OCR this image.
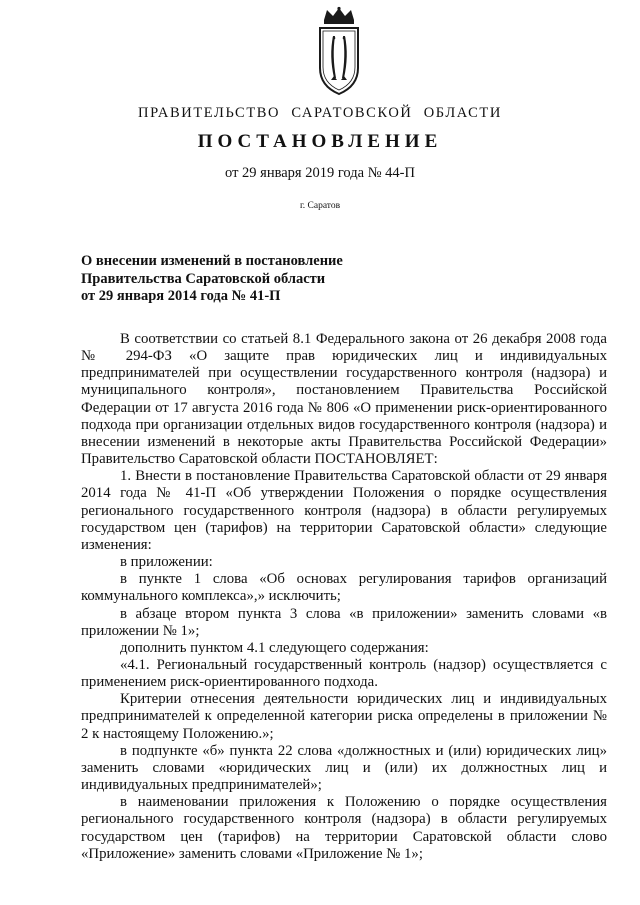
ПРАВИТЕЛЬСТВО САРАТОВСКОЙ ОБЛАСТИ
ПОСТАНОВЛЕНИЕ
от 29 января 2019 года № 44-П
г. Саратов
О внесении изменений в постановление
Правительства Саратовской области
от 29 января 2014 года № 41-П

В соответствии со статьей 8.1 Федерального закона от 26 декабря 2008 года № 294-ФЗ «О защите прав юридических лиц и индивидуальных предпринимателей при осуществлении государственного контроля (надзора) и муниципального контроля», постановлением Правительства Российской Федерации от 17 августа 2016 года № 806 «О применении риск-ориентированного подхода при организации отдельных видов государственного контроля (надзора) и внесении изменений в некоторые акты Правительства Российской Федерации» Правительство Саратовской области ПОСТАНОВЛЯЕТ:

1. Внести в постановление Правительства Саратовской области от 29 января 2014 года № 41-П «Об утверждении Положения о порядке осуществления регионального государственного контроля (надзора) в области регулируемых государством цен (тарифов) на территории Саратовской области» следующие изменения:

в приложении:

в пункте 1 слова «Об основах регулирования тарифов организаций коммунального комплекса»,» исключить;

в абзаце втором пункта 3 слова «в приложении» заменить словами «в приложении № 1»;

дополнить пунктом 4.1 следующего содержания:

«4.1. Региональный государственный контроль (надзор) осуществляется с применением риск-ориентированного подхода.

Критерии отнесения деятельности юридических лиц и индивидуальных предпринимателей к определенной категории риска определены в приложении № 2 к настоящему Положению.»;

в подпункте «б» пункта 22 слова «должностных и (или) юридических лиц» заменить словами «юридических лиц и (или) их должностных лиц и индивидуальных предпринимателей»;

в наименовании приложения к Положению о порядке осуществления регионального государственного контроля (надзора) в области регулируемых государством цен (тарифов) на территории Саратовской области слово «Приложение» заменить словами «Приложение № 1»;
